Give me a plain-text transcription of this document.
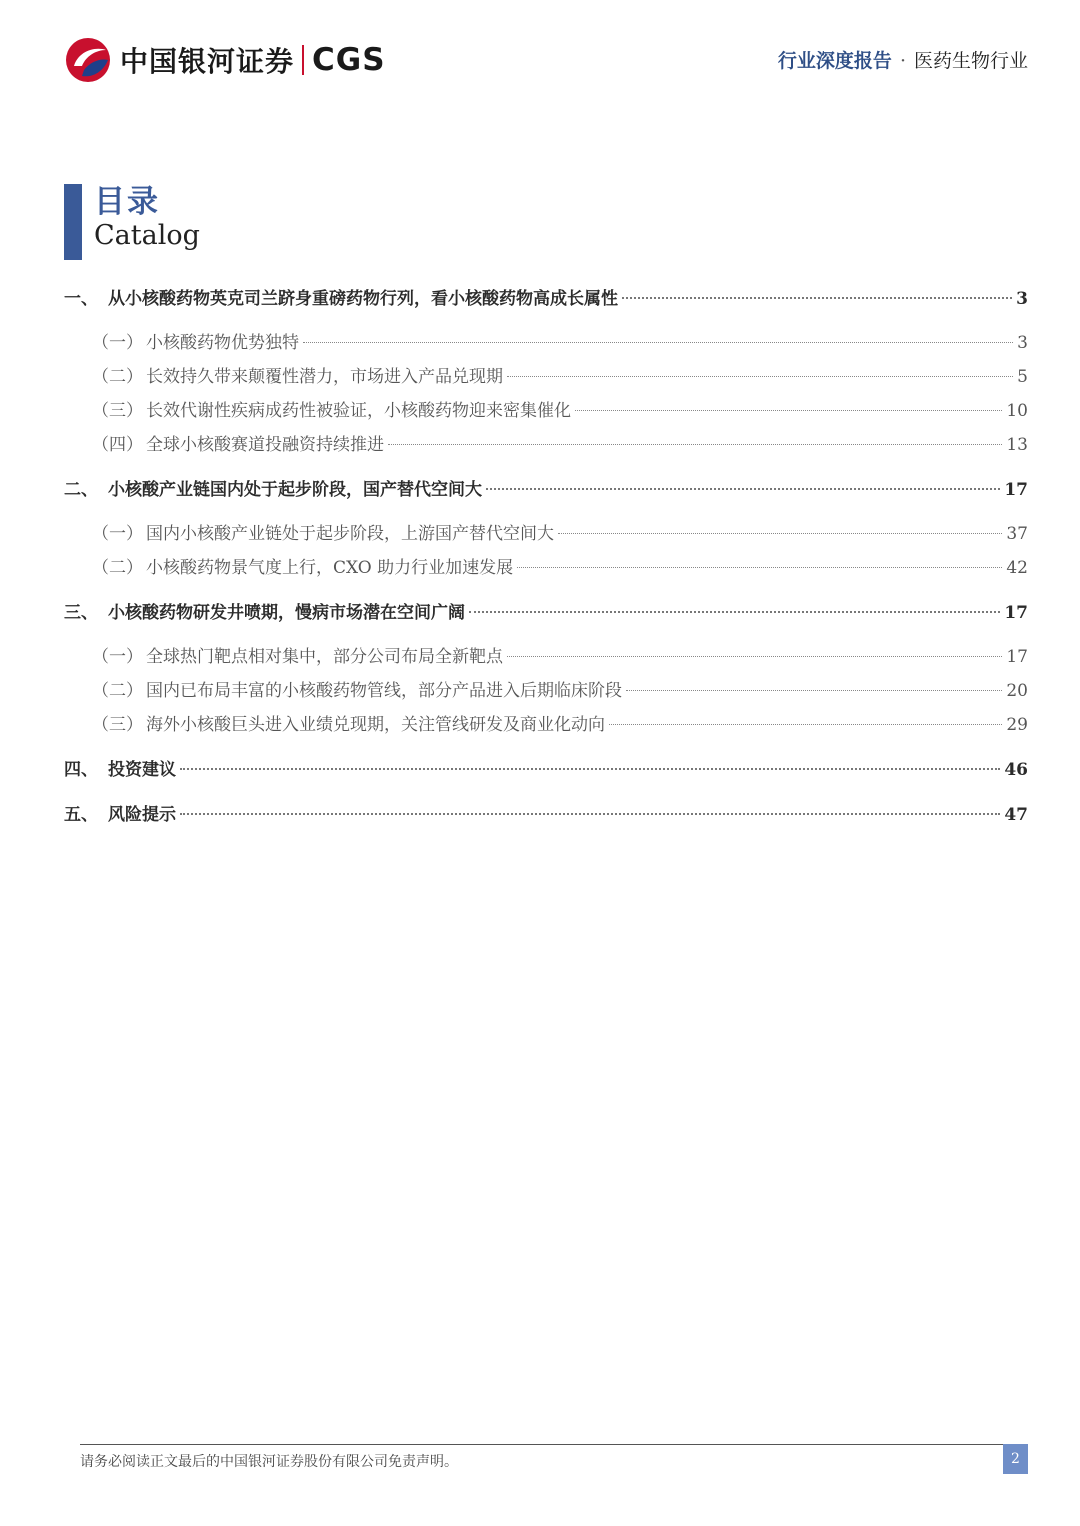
中国银河证券 CGS	行业深度报告 · 医药生物行业
目录
Catalog
一、 从小核酸药物英克司兰跻身重磅药物行列，看小核酸药物高成长属性	3
（一） 小核酸药物优势独特	3
（二） 长效持久带来颠覆性潜力，市场进入产品兑现期	5
（三） 长效代谢性疾病成药性被验证，小核酸药物迎来密集催化	10
（四） 全球小核酸赛道投融资持续推进	13
二、 小核酸产业链国内处于起步阶段，国产替代空间大	17
（一） 国内小核酸产业链处于起步阶段，上游国产替代空间大	37
（二） 小核酸药物景气度上行，CXO 助力行业加速发展	42
三、 小核酸药物研发井喷期，慢病市场潜在空间广阔	17
（一） 全球热门靶点相对集中，部分公司布局全新靶点	17
（二） 国内已布局丰富的小核酸药物管线，部分产品进入后期临床阶段	20
（三） 海外小核酸巨头进入业绩兑现期，关注管线研发及商业化动向	29
四、 投资建议	46
五、 风险提示	47
请务必阅读正文最后的中国银河证券股份有限公司免责声明。	2
